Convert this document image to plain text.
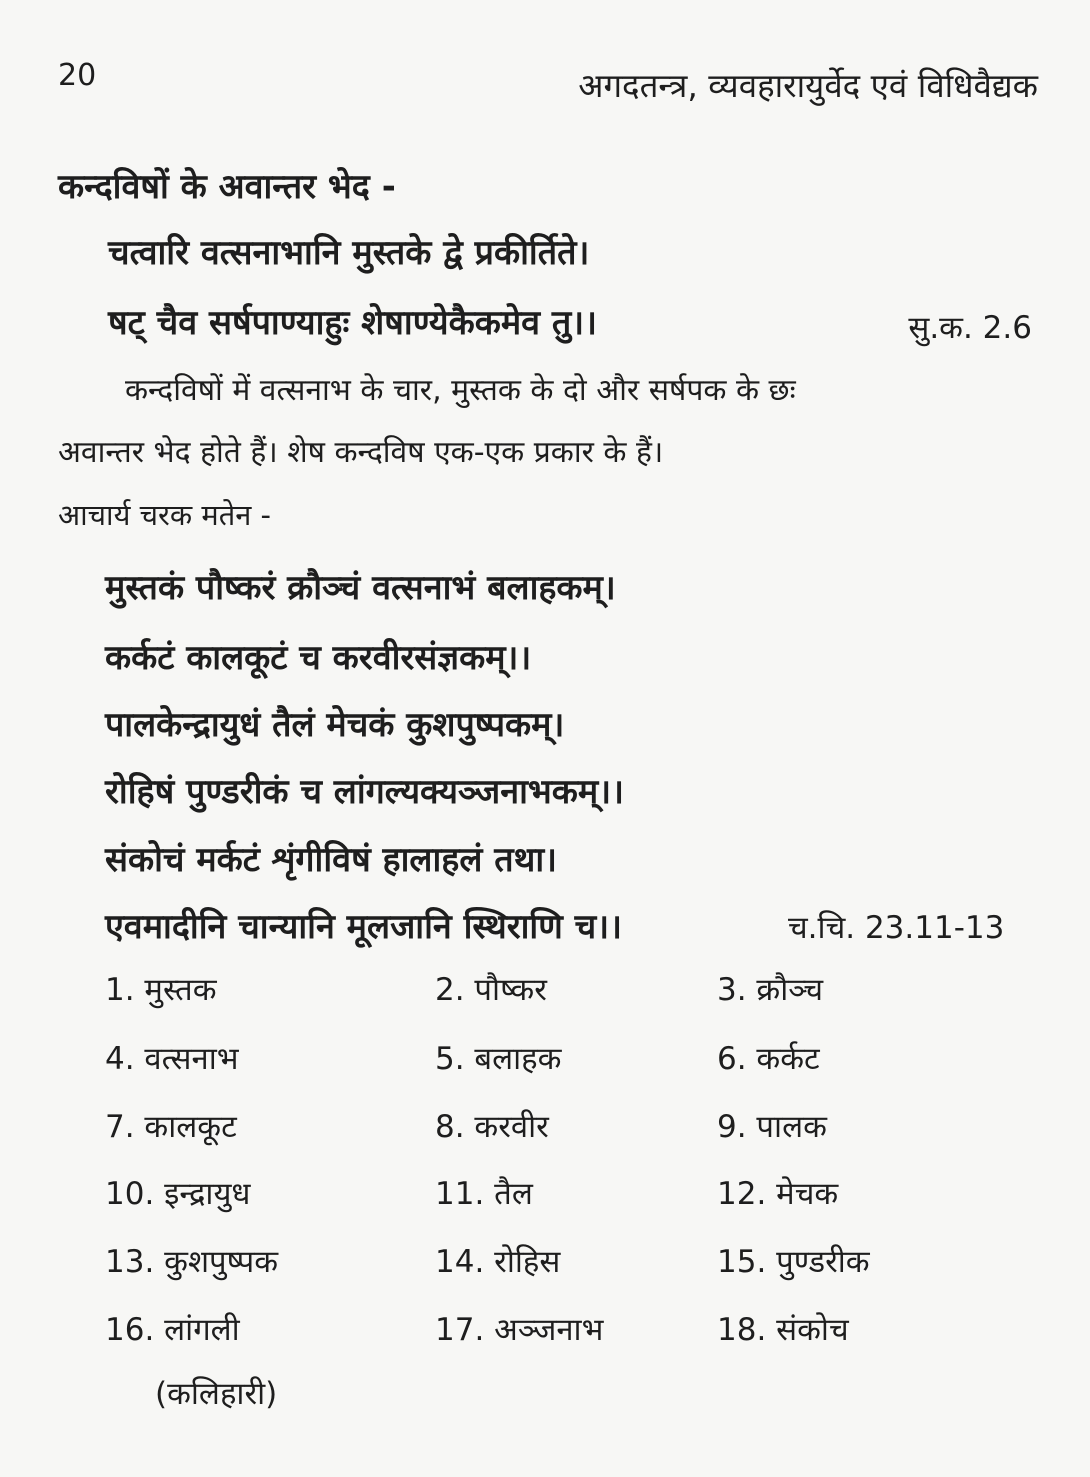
20	अगदतन्त्र, व्यवहारायुर्वेद एवं विधिवैद्यक
कन्दविषों के अवान्तर भेद -
चत्वारि वत्सनाभानि मुस्तके द्वे प्रकीर्तिते।
षट् चैव सर्षपाण्याहुः शेषाण्येकैकमेव तु।।	सु.क. 2.6
कन्दविषों में वत्सनाभ के चार, मुस्तक के दो और सर्षपक के छः
अवान्तर भेद होते हैं। शेष कन्दविष एक-एक प्रकार के हैं।
आचार्य चरक मतेन -
मुस्तकं पौष्करं क्रौञ्चं वत्सनाभं बलाहकम्।
कर्कटं कालकूटं च करवीरसंज्ञकम्।।
पालकेन्द्रायुधं तैलं मेचकं कुशपुष्पकम्।
रोहिषं पुण्डरीकं च लांगल्यक्यञ्जनाभकम्।।
संकोचं मर्कटं शृंगीविषं हालाहलं तथा।
एवमादीनि चान्यानि मूलजानि स्थिराणि च।।	च.चि. 23.11-13
1. मुस्तक	2. पौष्कर	3. क्रौञ्च
4. वत्सनाभ	5. बलाहक	6. कर्कट
7. कालकूट	8. करवीर	9. पालक
10. इन्द्रायुध	11. तैल	12. मेचक
13. कुशपुष्पक	14. रोहिस	15. पुण्डरीक
16. लांगली	17. अञ्जनाभ	18. संकोच
(कलिहारी)
